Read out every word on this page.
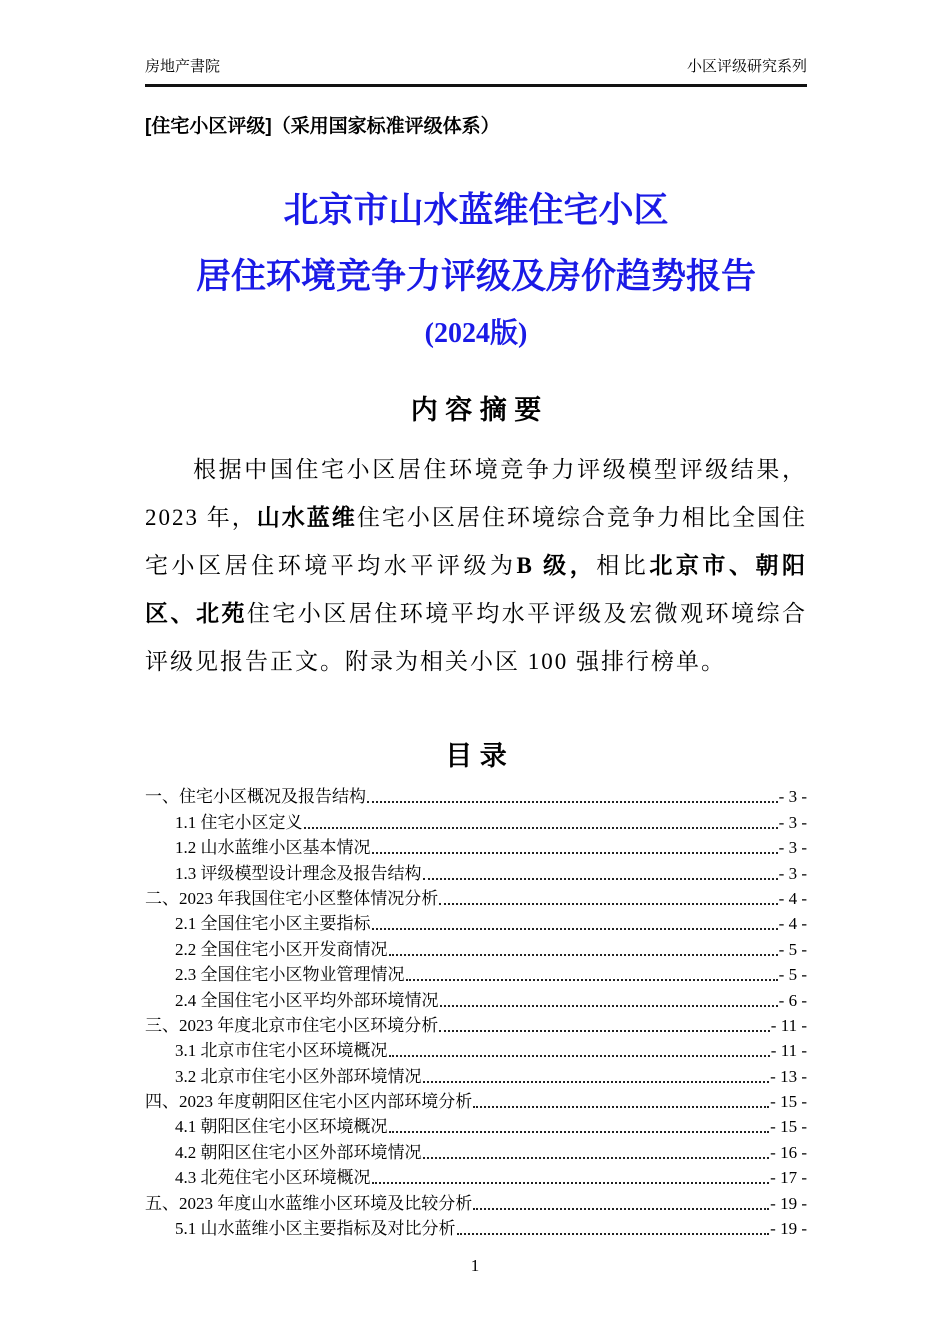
房地产書院	小区评级研究系列
[住宅小区评级]（采用国家标准评级体系）
北京市山水蓝维住宅小区
居住环境竞争力评级及房价趋势报告
(2024版)
内 容 摘 要

根据中国住宅小区居住环境竞争力评级模型评级结果，2023 年，山水蓝维住宅小区居住环境综合竞争力相比全国住宅小区居住环境平均水平评级为B 级，相比北京市、朝阳区、北苑住宅小区居住环境平均水平评级及宏微观环境综合评级见报告正文。附录为相关小区 100 强排行榜单。

目 录
一、住宅小区概况及报告结构	- 3 -
1.1 住宅小区定义	- 3 -
1.2 山水蓝维小区基本情况	- 3 -
1.3 评级模型设计理念及报告结构	- 3 -
二、2023 年我国住宅小区整体情况分析	- 4 -
2.1 全国住宅小区主要指标	- 4 -
2.2 全国住宅小区开发商情况	- 5 -
2.3 全国住宅小区物业管理情况	- 5 -
2.4 全国住宅小区平均外部环境情况	- 6 -
三、2023 年度北京市住宅小区环境分析	- 11 -
3.1 北京市住宅小区环境概况	- 11 -
3.2 北京市住宅小区外部环境情况	- 13 -
四、2023 年度朝阳区住宅小区内部环境分析	- 15 -
4.1 朝阳区住宅小区环境概况	- 15 -
4.2 朝阳区住宅小区外部环境情况	- 16 -
4.3 北苑住宅小区环境概况	- 17 -
五、2023 年度山水蓝维小区环境及比较分析	- 19 -
5.1 山水蓝维小区主要指标及对比分析	- 19 -
1
